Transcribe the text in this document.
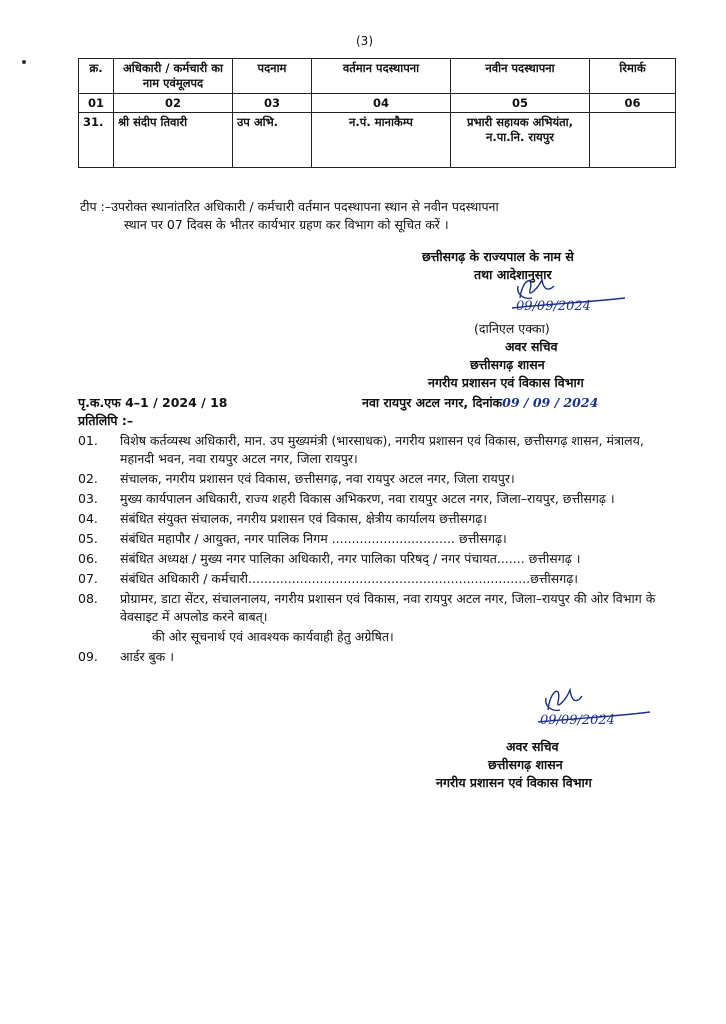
(3)
क्र.	अधिकारी / कर्मचारी का नाम एवंमूलपद	पदनाम	वर्तमान पदस्थापना	नवीन पदस्थापना	रिमार्क
01	02	03	04	05	06
31.	श्री संदीप तिवारी	उप अभि.	न.पं. मानाकैम्प	प्रभारी सहायक अभियंता, न.पा.नि. रायपुर	
टीप :–उपरोक्त स्थानांतरित अधिकारी / कर्मचारी वर्तमान पदस्थापना स्थान से नवीन पदस्थापना
स्थान पर 07 दिवस के भीतर कार्यभार ग्रहण कर विभाग को सूचित करें ।
छत्तीसगढ़ के राज्यपाल के नाम से
तथा आदेशानुसार
09/09/2024
(दानिएल एक्का)
अवर सचिव
छत्तीसगढ़ शासन
नगरीय प्रशासन एवं विकास विभाग
पृ.क.एफ 4–1 / 2024 / 18	नवा रायपुर अटल नगर, दिनांक09 / 09 / 2024
प्रतिलिपि :–
01.	विशेष कर्तव्यस्थ अधिकारी, मान. उप मुख्यमंत्री (भारसाधक), नगरीय प्रशासन एवं विकास, छत्तीसगढ़ शासन, मंत्रालय, महानदी भवन, नवा रायपुर अटल नगर, जिला रायपुर।
02.	संचालक, नगरीय प्रशासन एवं विकास, छत्तीसगढ़, नवा रायपुर अटल नगर, जिला रायपुर।
03.	मुख्य कार्यपालन अधिकारी, राज्य शहरी विकास अभिकरण, नवा रायपुर अटल नगर, जिला–रायपुर, छत्तीसगढ़ ।
04.	संबंधित संयुक्त संचालक, नगरीय प्रशासन एवं विकास, क्षेत्रीय कार्यालय छत्तीसगढ़।
05.	संबंधित महापौर / आयुक्त, नगर पालिक निगम ............................... छत्तीसगढ़।
06.	संबंधित अध्यक्ष / मुख्य नगर पालिका अधिकारी, नगर पालिका परिषद् / नगर पंचायत....... छत्तीसगढ़ ।
07.	संबंधित अधिकारी / कर्मचारी.......................................................................छत्तीसगढ़।
08.	प्रोग्रामर, डाटा सेंटर, संचालनालय, नगरीय प्रशासन एवं विकास, नवा रायपुर अटल नगर, जिला–रायपुर की ओर विभाग के वेवसाइट में अपलोड करने बाबत्।
की ओर सूचनार्थ एवं आवश्यक कार्यवाही हेतु अग्रेषित।
09.	आर्डर बुक ।
09/09/2024
अवर सचिव
छत्तीसगढ़ शासन
नगरीय प्रशासन एवं विकास विभाग
